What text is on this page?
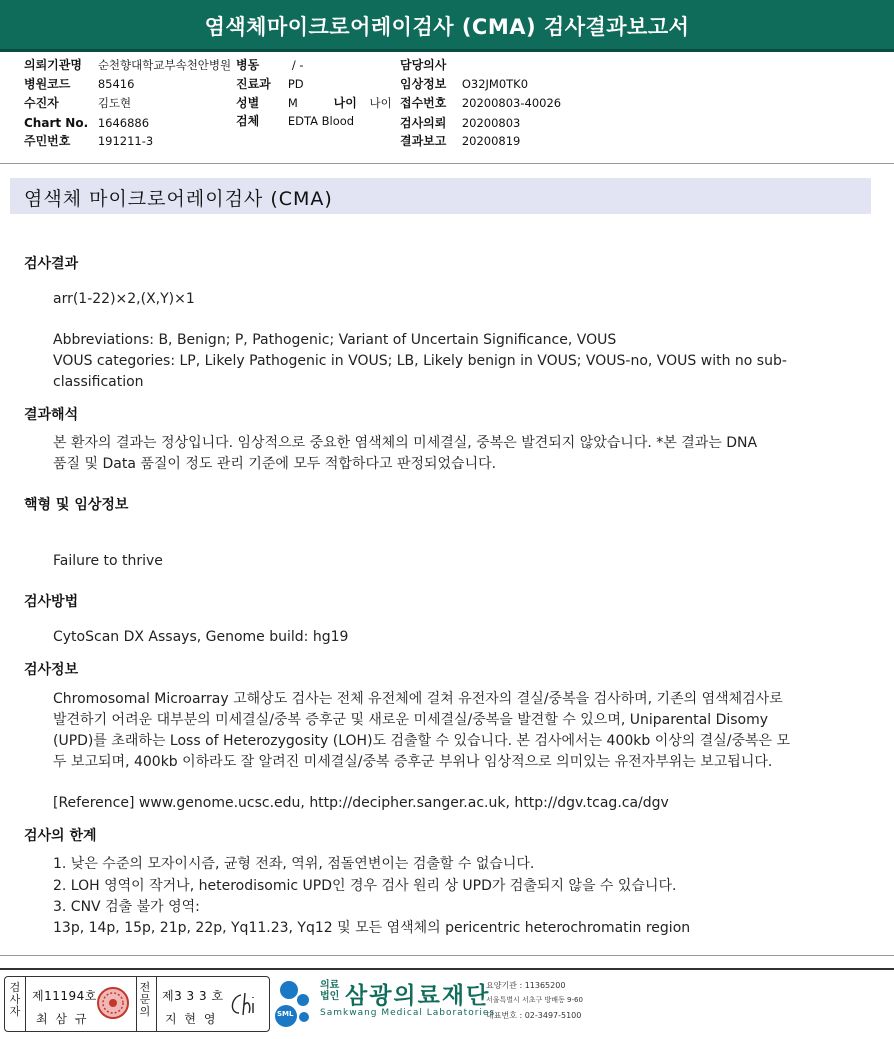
염색체마이크로어레이검사 (CMA) 검사결과보고서
의뢰기관명 순천향대학교부속천안병원 병동	/ -	담당의사
병원코드 85416	진료과 PD	임상정보 O32JM0TK0
수진자	김도현	성별 M	나이 나이 접수번호 20200803-40026
Chart No. 1646886	검체 EDTA Blood	검사의뢰 20200803
주민번호 191211-3	결과보고 20200819
염색체 마이크로어레이검사 (CMA)
검사결과
arr(1-22)×2,(X,Y)×1
Abbreviations: B, Benign; P, Pathogenic; Variant of Uncertain Significance, VOUS
VOUS categories: LP, Likely Pathogenic in VOUS; LB, Likely benign in VOUS; VOUS-no, VOUS with no sub-
classification
결과해석
본 환자의 결과는 정상입니다. 임상적으로 중요한 염색체의 미세결실, 중복은 발견되지 않았습니다. *본 결과는 DNA
품질 및 Data 품질이 정도 관리 기준에 모두 적합하다고 판정되었습니다.
핵형 및 임상정보
Failure to thrive
검사방법
CytoScan DX Assays, Genome build: hg19
검사정보
Chromosomal Microarray 고해상도 검사는 전체 유전체에 걸쳐 유전자의 결실/중복을 검사하며, 기존의 염색체검사로
발견하기 어려운 대부분의 미세결실/중복 증후군 및 새로운 미세결실/중복을 발견할 수 있으며, Uniparental Disomy
(UPD)를 초래하는 Loss of Heterozygosity (LOH)도 검출할 수 있습니다. 본 검사에서는 400kb 이상의 결실/중복은 모
두 보고되며, 400kb 이하라도 잘 알려진 미세결실/중복 증후군 부위나 임상적으로 의미있는 유전자부위는 보고됩니다.
[Reference] www.genome.ucsc.edu, http://decipher.sanger.ac.uk, http://dgv.tcag.ca/dgv
검사의 한계
1. 낮은 수준의 모자이시즘, 균형 전좌, 역위, 점돌연변이는 검출할 수 없습니다.
2. LOH 영역이 작거나, heterodisomic UPD인 경우 검사 원리 상 UPD가 검출되지 않을 수 있습니다.
3. CNV 검출 불가 영역:
13p, 14p, 15p, 21p, 22p, Yq11.23, Yq12 및 모든 염색체의 pericentric heterochromatin region
검사자
제11194호
최 삼 규
전문의
제3 3 3 호
지 현 영	SML
의료법인 삼광의료재단
Samkwang Medical Laboratories
요양기관 : 11365200
서울특별시 서초구 방배동 9-60
대표번호 : 02-3497-5100
